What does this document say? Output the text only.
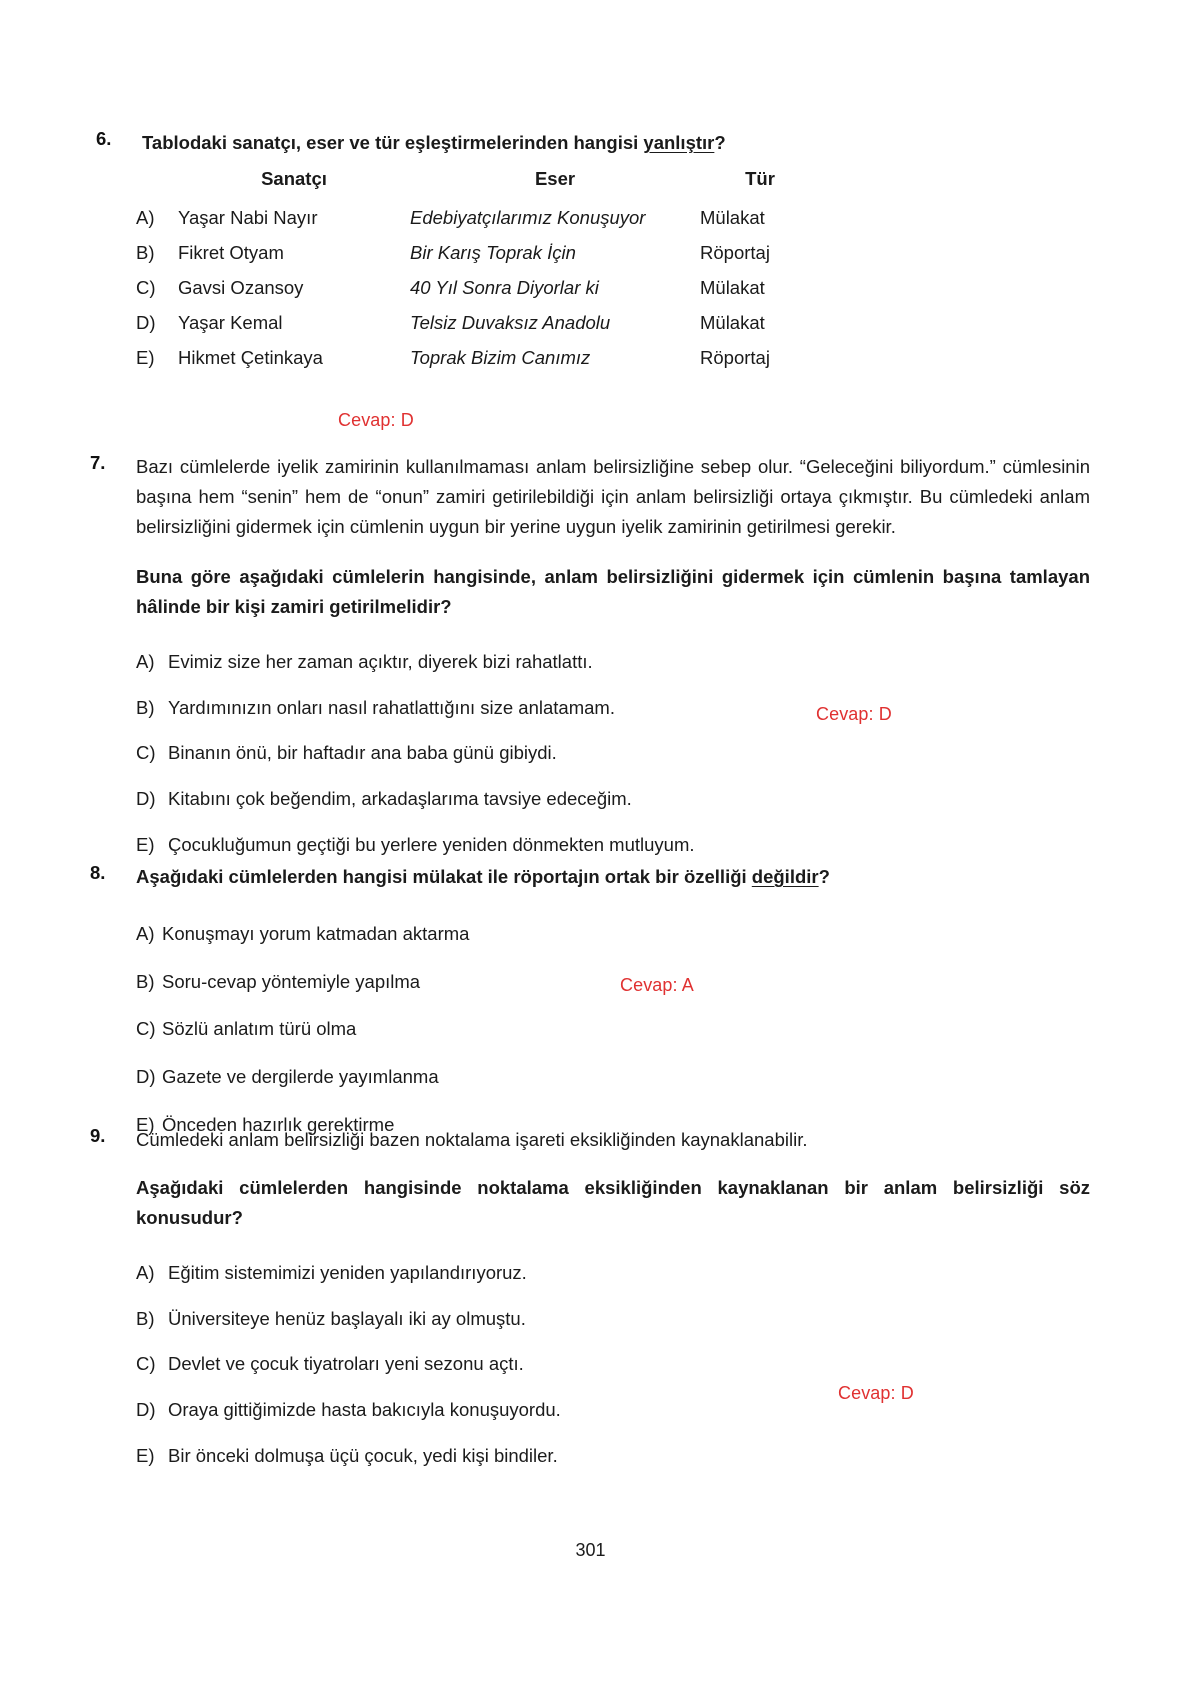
6.	Tablodaki sanatçı, eser ve tür eşleştirmelerinden hangisi yanlıştır?
Sanatçı	Eser	Tür
A)	Yaşar Nabi Nayır	Edebiyatçılarımız Konuşuyor	Mülakat
B)	Fikret Otyam	Bir Karış Toprak İçin	Röportaj
C)	Gavsi Ozansoy	40 Yıl Sonra Diyorlar ki	Mülakat
D)	Yaşar Kemal	Telsiz Duvaksız Anadolu	Mülakat
E)	Hikmet Çetinkaya	Toprak Bizim Canımız	Röportaj
Cevap: D
7.	Bazı cümlelerde iyelik zamirinin kullanılmaması anlam belirsizliğine sebep olur. “Geleceğini biliyordum.” cümlesinin başına hem “senin” hem de “onun” zamiri getirilebildiği için anlam belirsizliği ortaya çıkmıştır. Bu cümledeki anlam belirsizliğini gidermek için cümlenin uygun bir yerine uygun iyelik zamirinin getirilmesi gerekir.
Buna göre aşağıdaki cümlelerin hangisinde, anlam belirsizliğini gidermek için cümlenin başına tamlayan hâlinde bir kişi zamiri getirilmelidir?
A) Evimiz size her zaman açıktır, diyerek bizi rahatlattı.
B) Yardımınızın onları nasıl rahatlattığını size anlatamam.
C) Binanın önü, bir haftadır ana baba günü gibiydi.
D) Kitabını çok beğendim, arkadaşlarıma tavsiye edeceğim.
E) Çocukluğumun geçtiği bu yerlere yeniden dönmekten mutluyum.
Cevap: D
8.	Aşağıdaki cümlelerden hangisi mülakat ile röportajın ortak bir özelliği değildir?
A) Konuşmayı yorum katmadan aktarma
B) Soru-cevap yöntemiyle yapılma
C) Sözlü anlatım türü olma
D) Gazete ve dergilerde yayımlanma
E) Önceden hazırlık gerektirme
Cevap: A
9.	Cümledeki anlam belirsizliği bazen noktalama işareti eksikliğinden kaynaklanabilir.
Aşağıdaki cümlelerden hangisinde noktalama eksikliğinden kaynaklanan bir anlam belirsizliği söz konusudur?
A) Eğitim sistemimizi yeniden yapılandırıyoruz.
B) Üniversiteye henüz başlayalı iki ay olmuştu.
C) Devlet ve çocuk tiyatroları yeni sezonu açtı.
D) Oraya gittiğimizde hasta bakıcıyla konuşuyordu.
E) Bir önceki dolmuşa üçü çocuk, yedi kişi bindiler.
Cevap: D
301
